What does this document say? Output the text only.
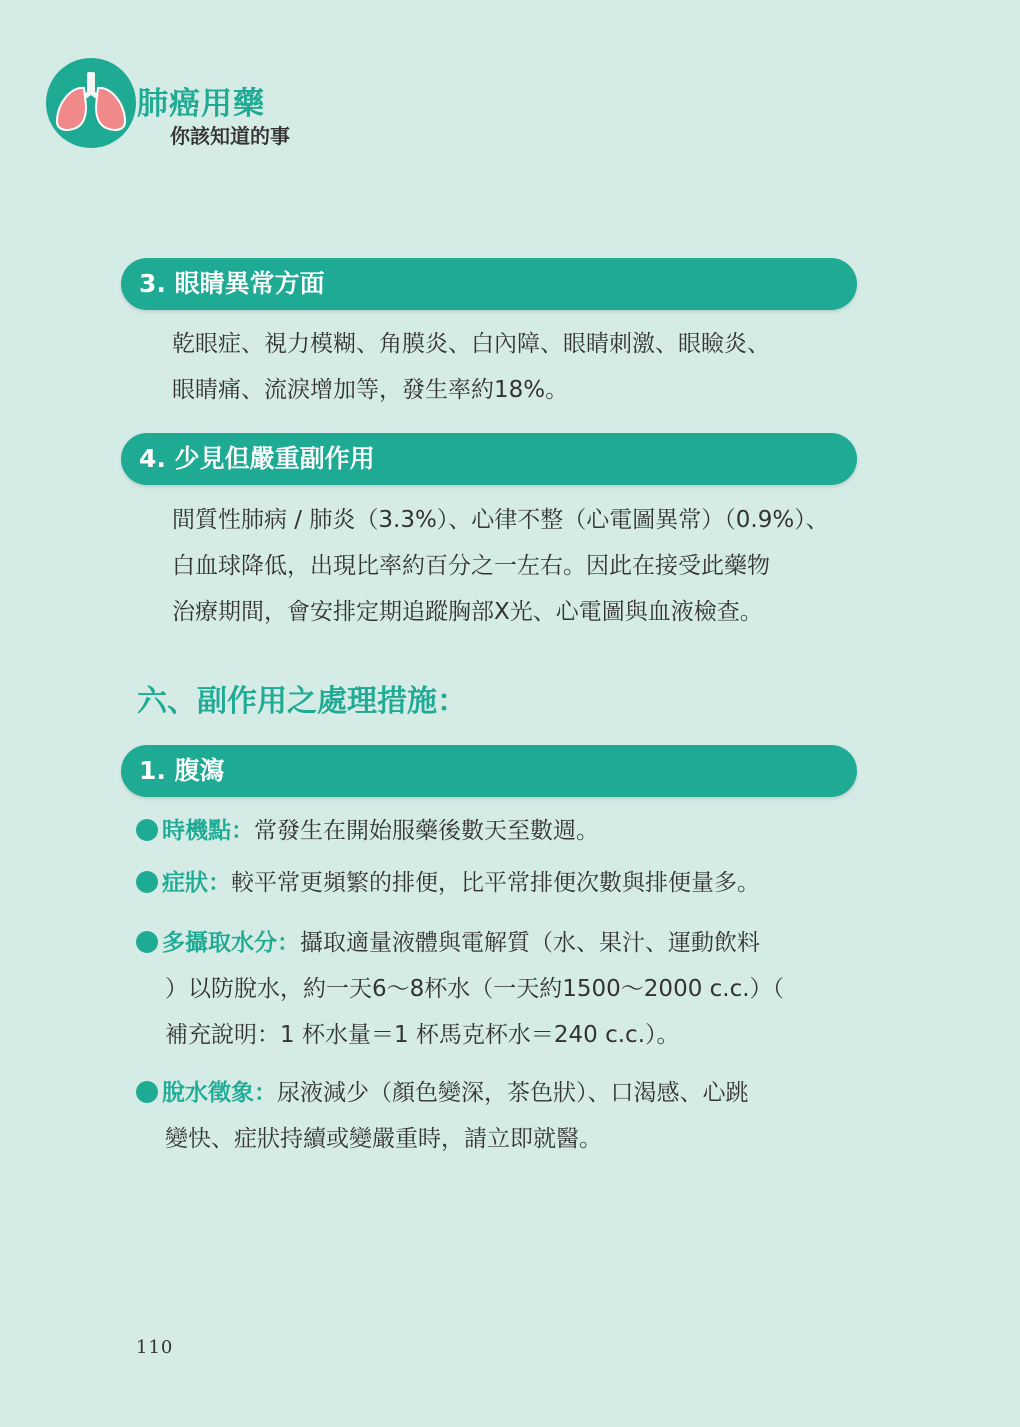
肺癌用藥
你該知道的事
3. 眼睛異常方面
乾眼症、視力模糊、角膜炎、白內障、眼睛刺激、眼瞼炎、
眼睛痛、流淚增加等，發生率約18%。
4. 少見但嚴重副作用
間質性肺病 / 肺炎（3.3%）、心律不整（心電圖異常）（0.9%）、
白血球降低，出現比率約百分之一左右。因此在接受此藥物
治療期間，會安排定期追蹤胸部X光、心電圖與血液檢查。
六、副作用之處理措施：
1. 腹瀉
時機點：常發生在開始服藥後數天至數週。
症狀：較平常更頻繁的排便，比平常排便次數與排便量多。
多攝取水分：攝取適量液體與電解質（水、果汁、運動飲料
）以防脫水，約一天6～8杯水（一天約1500～2000 c.c.）（
補充說明：1 杯水量＝1 杯馬克杯水＝240 c.c.）。
脫水徵象：尿液減少（顏色變深，茶色狀）、口渴感、心跳
變快、症狀持續或變嚴重時，請立即就醫。
110
